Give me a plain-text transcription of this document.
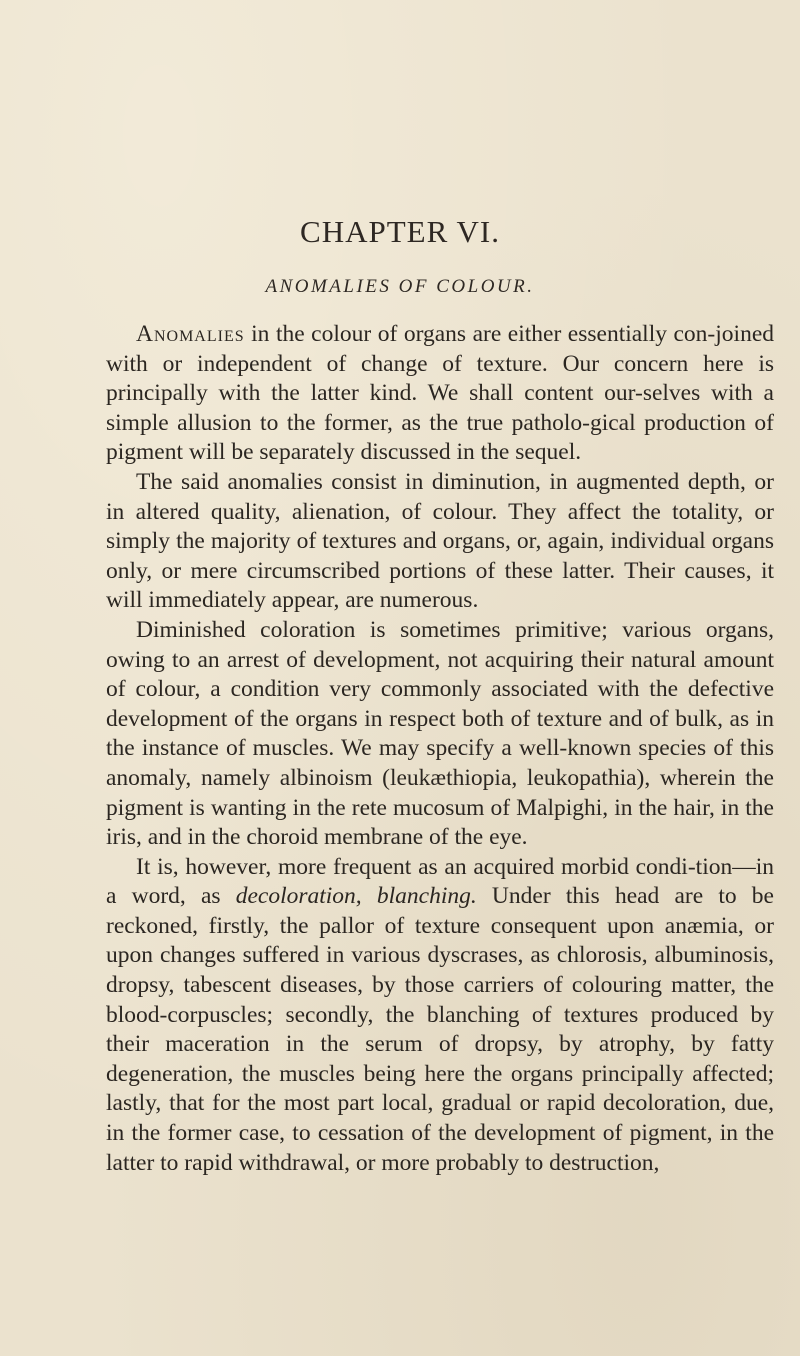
CHAPTER VI.
ANOMALIES OF COLOUR.

Anomalies in the colour of organs are either essentially con-joined with or independent of change of texture. Our concern here is principally with the latter kind. We shall content our-selves with a simple allusion to the former, as the true patholo-gical production of pigment will be separately discussed in the sequel.

The said anomalies consist in diminution, in augmented depth, or in altered quality, alienation, of colour. They affect the totality, or simply the majority of textures and organs, or, again, individual organs only, or mere circumscribed portions of these latter. Their causes, it will immediately appear, are numerous.

Diminished coloration is sometimes primitive; various organs, owing to an arrest of development, not acquiring their natural amount of colour, a condition very commonly associated with the defective development of the organs in respect both of texture and of bulk, as in the instance of muscles. We may specify a well-known species of this anomaly, namely albinoism (leukæthiopia, leukopathia), wherein the pigment is wanting in the rete mucosum of Malpighi, in the hair, in the iris, and in the choroid membrane of the eye.

It is, however, more frequent as an acquired morbid condi-tion—in a word, as decoloration, blanching. Under this head are to be reckoned, firstly, the pallor of texture consequent upon anæmia, or upon changes suffered in various dyscrases, as chlorosis, albuminosis, dropsy, tabescent diseases, by those carriers of colouring matter, the blood-corpuscles; secondly, the blanching of textures produced by their maceration in the serum of dropsy, by atrophy, by fatty degeneration, the muscles being here the organs principally affected; lastly, that for the most part local, gradual or rapid decoloration, due, in the former case, to cessation of the development of pigment, in the latter to rapid withdrawal, or more probably to destruction,
